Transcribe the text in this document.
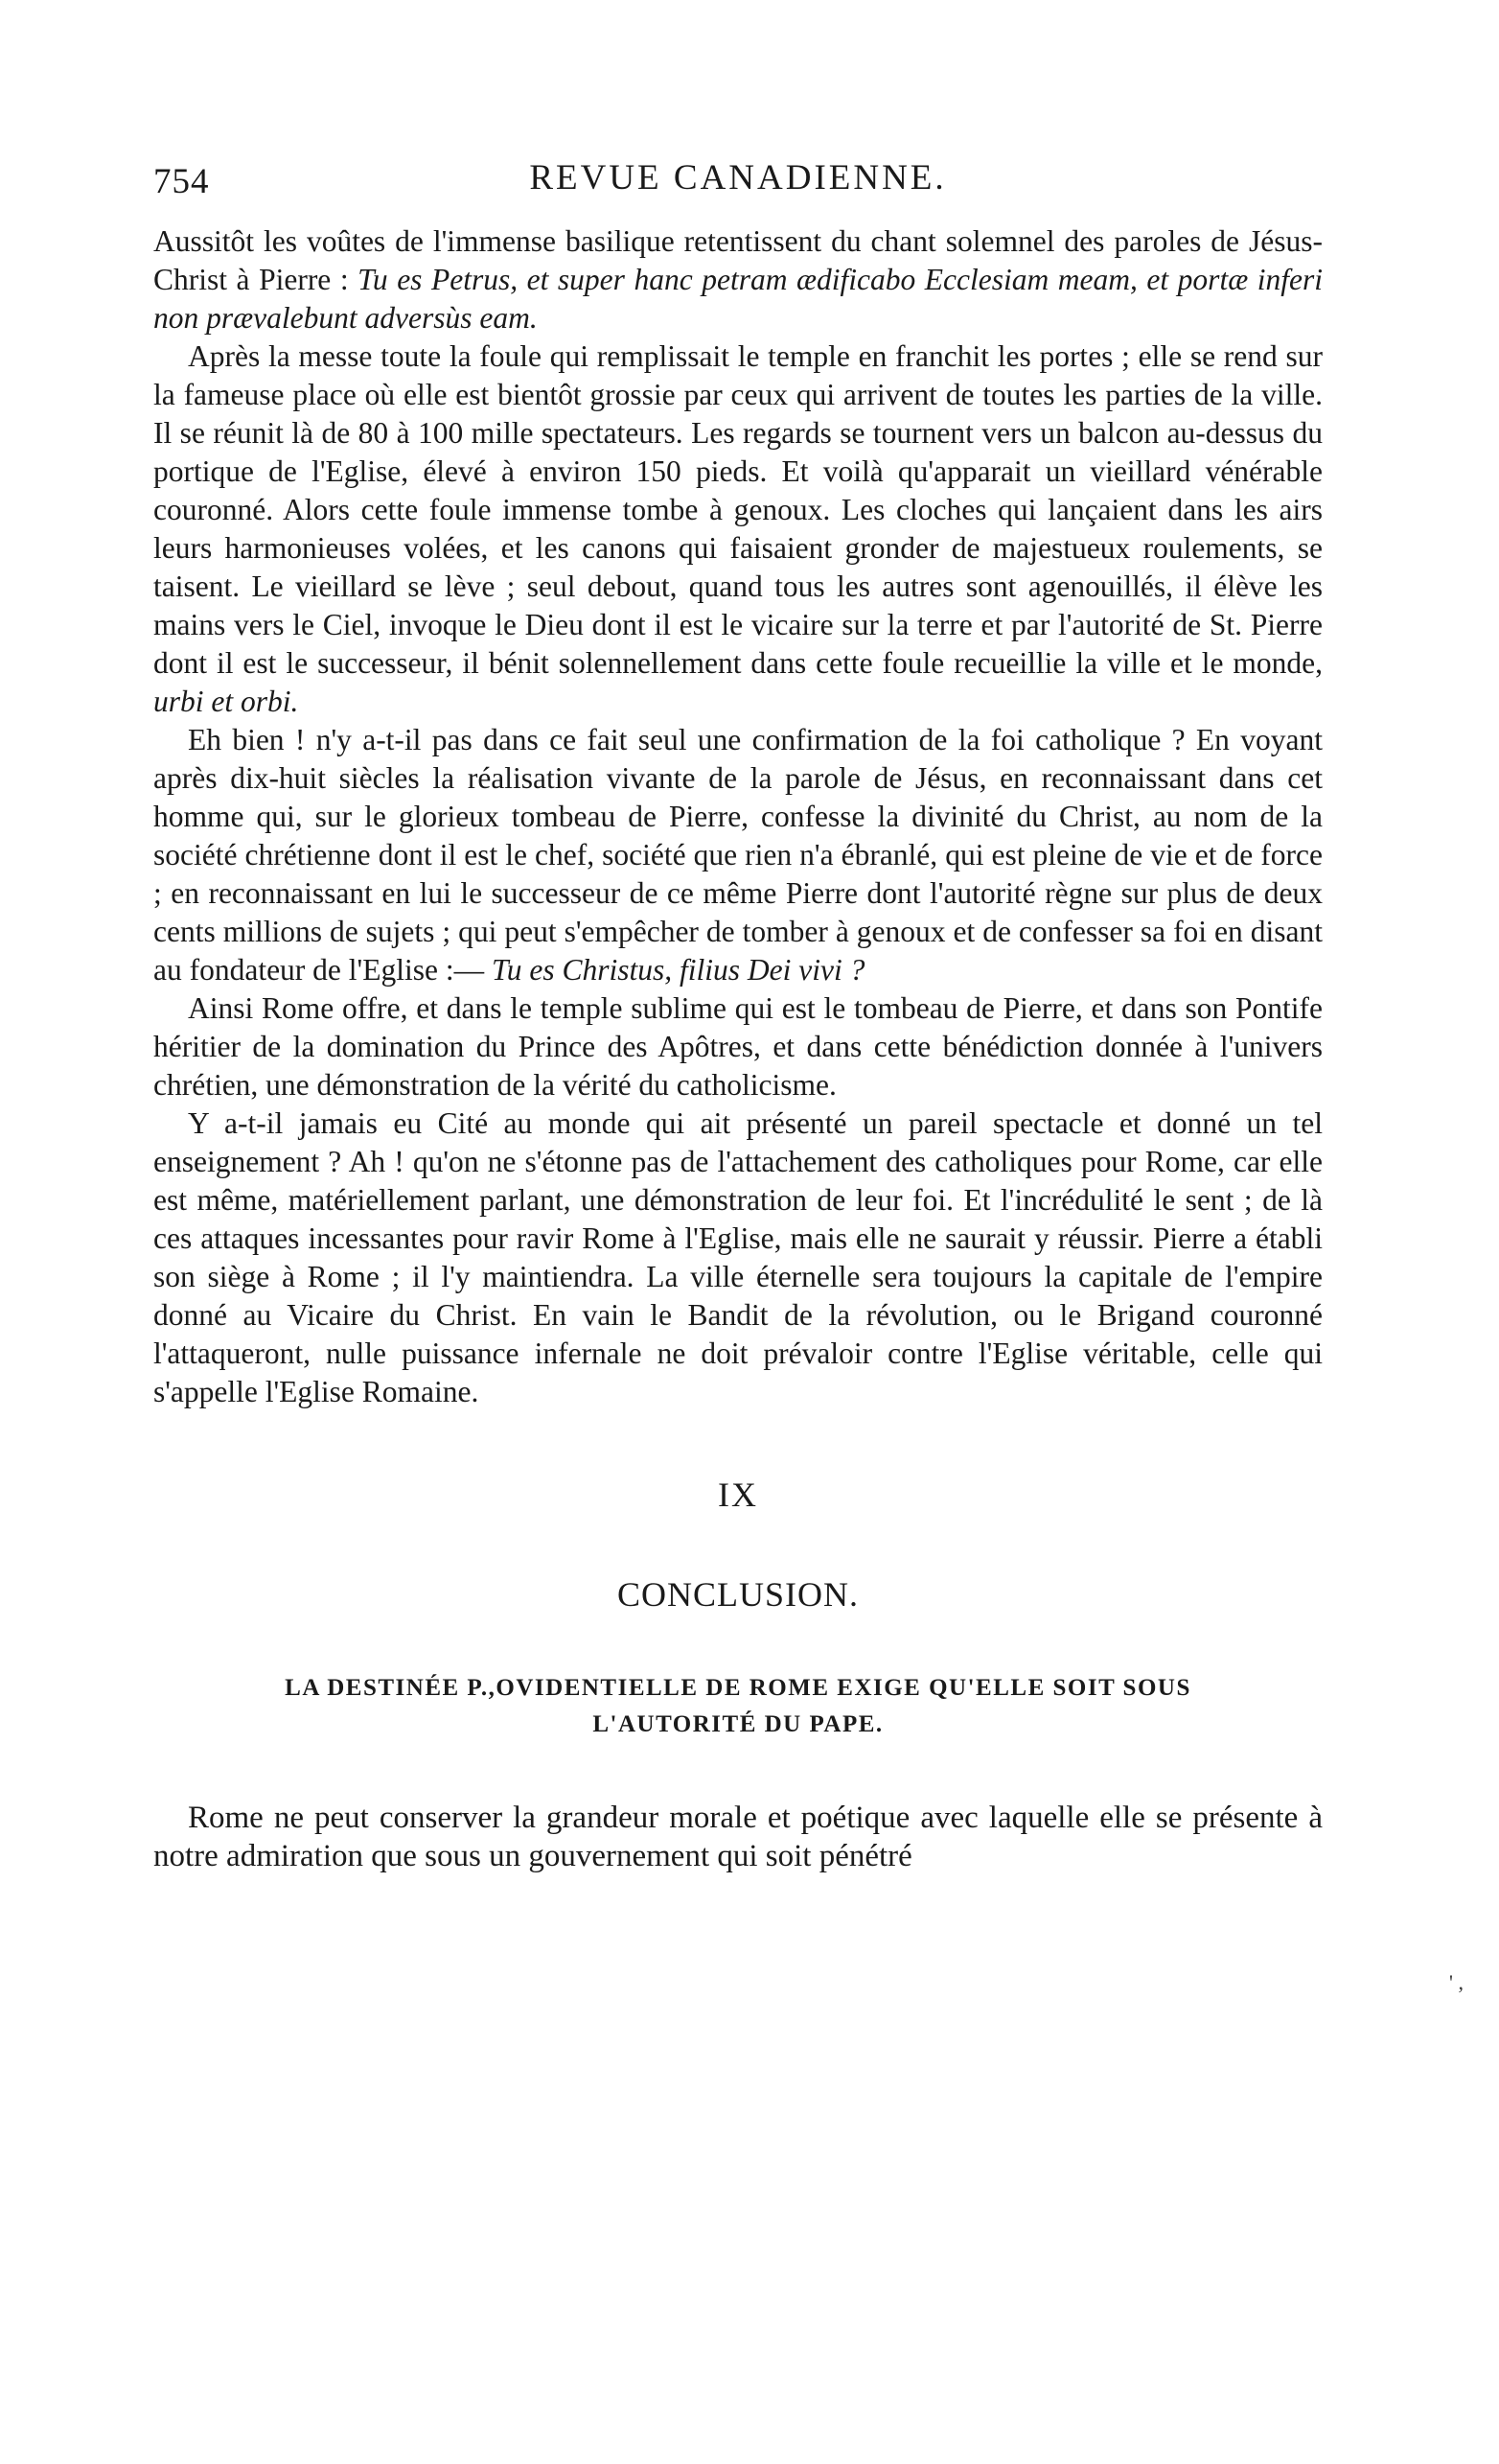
754	REVUE CANADIENNE.

Aussitôt les voûtes de l'immense basilique retentissent du chant solemnel des paroles de Jésus-Christ à Pierre : Tu es Petrus, et super hanc petram ædificabo Ecclesiam meam, et portæ inferi non prævalebunt adversùs eam.

Après la messe toute la foule qui remplissait le temple en franchit les portes ; elle se rend sur la fameuse place où elle est bientôt grossie par ceux qui arrivent de toutes les parties de la ville. Il se réunit là de 80 à 100 mille spectateurs. Les regards se tournent vers un balcon au-dessus du portique de l'Eglise, élevé à environ 150 pieds. Et voilà qu'apparait un vieillard vénérable couronné. Alors cette foule immense tombe à genoux. Les cloches qui lançaient dans les airs leurs harmonieuses volées, et les canons qui faisaient gronder de majestueux roulements, se taisent. Le vieillard se lève ; seul debout, quand tous les autres sont agenouillés, il élève les mains vers le Ciel, invoque le Dieu dont il est le vicaire sur la terre et par l'autorité de St. Pierre dont il est le successeur, il bénit solennellement dans cette foule recueillie la ville et le monde, urbi et orbi.

Eh bien ! n'y a-t-il pas dans ce fait seul une confirmation de la foi catholique ? En voyant après dix-huit siècles la réalisation vivante de la parole de Jésus, en reconnaissant dans cet homme qui, sur le glorieux tombeau de Pierre, confesse la divinité du Christ, au nom de la société chrétienne dont il est le chef, société que rien n'a ébranlé, qui est pleine de vie et de force ; en reconnaissant en lui le successeur de ce même Pierre dont l'autorité règne sur plus de deux cents millions de sujets ; qui peut s'empêcher de tomber à genoux et de confesser sa foi en disant au fondateur de l'Eglise :— Tu es Christus, filius Dei vivi ?

Ainsi Rome offre, et dans le temple sublime qui est le tombeau de Pierre, et dans son Pontife héritier de la domination du Prince des Apôtres, et dans cette bénédiction donnée à l'univers chrétien, une démonstration de la vérité du catholicisme.

Y a-t-il jamais eu Cité au monde qui ait présenté un pareil spectacle et donné un tel enseignement ? Ah ! qu'on ne s'étonne pas de l'attachement des catholiques pour Rome, car elle est même, matériellement parlant, une démonstration de leur foi. Et l'incrédulité le sent ; de là ces attaques incessantes pour ravir Rome à l'Eglise, mais elle ne saurait y réussir. Pierre a établi son siège à Rome ; il l'y maintiendra. La ville éternelle sera toujours la capitale de l'empire donné au Vicaire du Christ. En vain le Bandit de la révolution, ou le Brigand couronné l'attaqueront, nulle puissance infernale ne doit prévaloir contre l'Eglise véritable, celle qui s'appelle l'Eglise Romaine.

IX
CONCLUSION.
LA DESTINÉE P.,OVIDENTIELLE DE ROME EXIGE QU'ELLE SOIT SOUS
L'AUTORITÉ DU PAPE.

Rome ne peut conserver la grandeur morale et poétique avec laquelle elle se présente à notre admiration que sous un gouvernement qui soit pénétré

' ,
